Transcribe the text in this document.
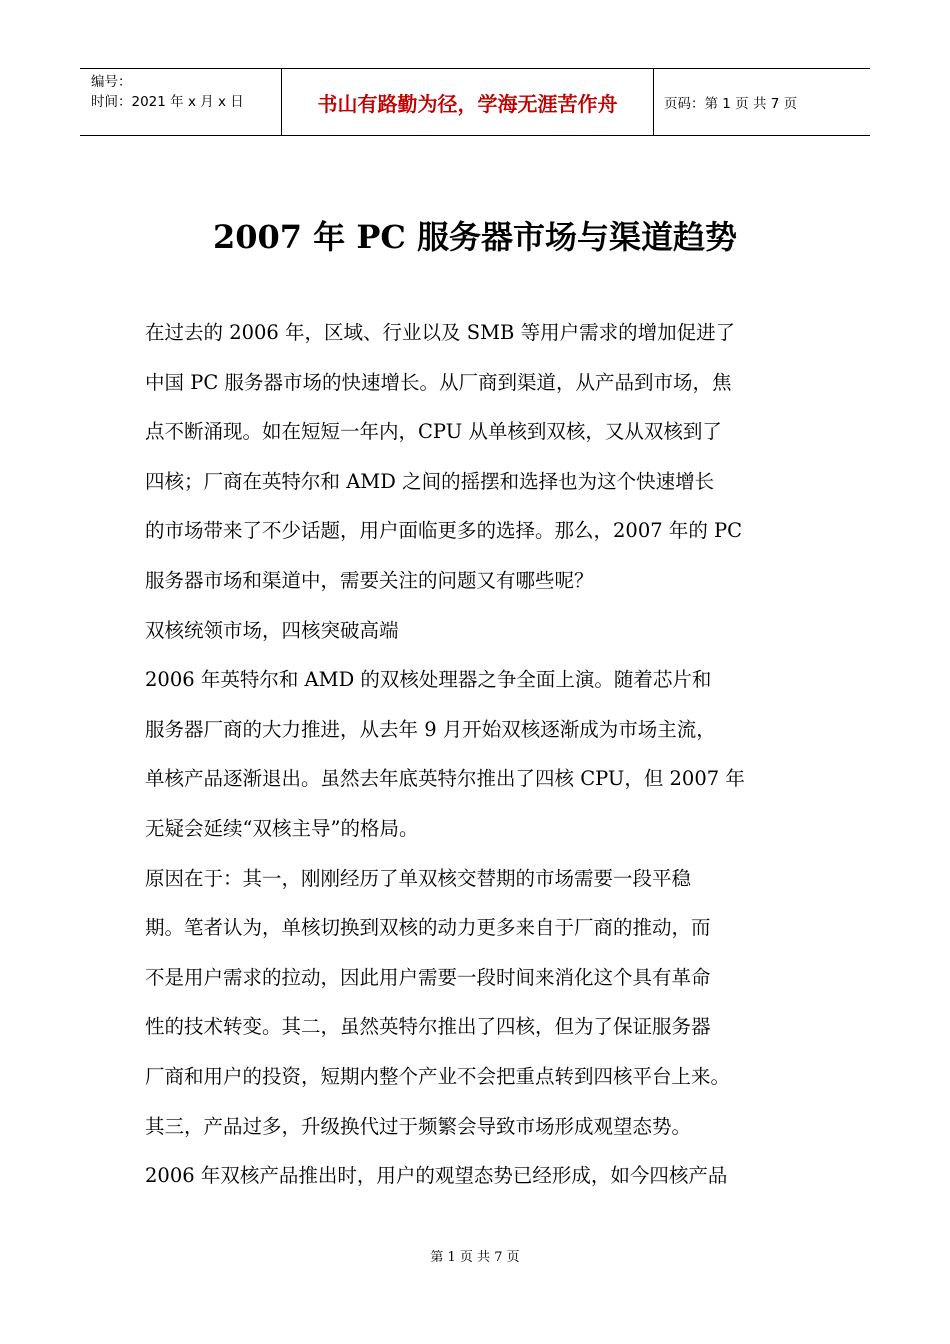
编号：
时间：2021 年 x 月 x 日	书山有路勤为径，学海无涯苦作舟	页码：第 1 页 共 7 页
2007 年 PC 服务器市场与渠道趋势
在过去的 2006 年，区域、行业以及 SMB 等用户需求的增加促进了
中国 PC 服务器市场的快速增长。从厂商到渠道，从产品到市场，焦
点不断涌现。如在短短一年内，CPU 从单核到双核，又从双核到了
四核；厂商在英特尔和 AMD 之间的摇摆和选择也为这个快速增长
的市场带来了不少话题，用户面临更多的选择。那么，2007 年的 PC
服务器市场和渠道中，需要关注的问题又有哪些呢？
双核统领市场，四核突破高端
2006 年英特尔和 AMD 的双核处理器之争全面上演。随着芯片和
服务器厂商的大力推进，从去年 9 月开始双核逐渐成为市场主流，
单核产品逐渐退出。虽然去年底英特尔推出了四核 CPU，但 2007 年
无疑会延续“双核主导”的格局。
原因在于：其一，刚刚经历了单双核交替期的市场需要一段平稳
期。笔者认为，单核切换到双核的动力更多来自于厂商的推动，而
不是用户需求的拉动，因此用户需要一段时间来消化这个具有革命
性的技术转变。其二，虽然英特尔推出了四核，但为了保证服务器
厂商和用户的投资，短期内整个产业不会把重点转到四核平台上来。
其三，产品过多，升级换代过于频繁会导致市场形成观望态势。
2006 年双核产品推出时，用户的观望态势已经形成，如今四核产品
第 1 页 共 7 页
